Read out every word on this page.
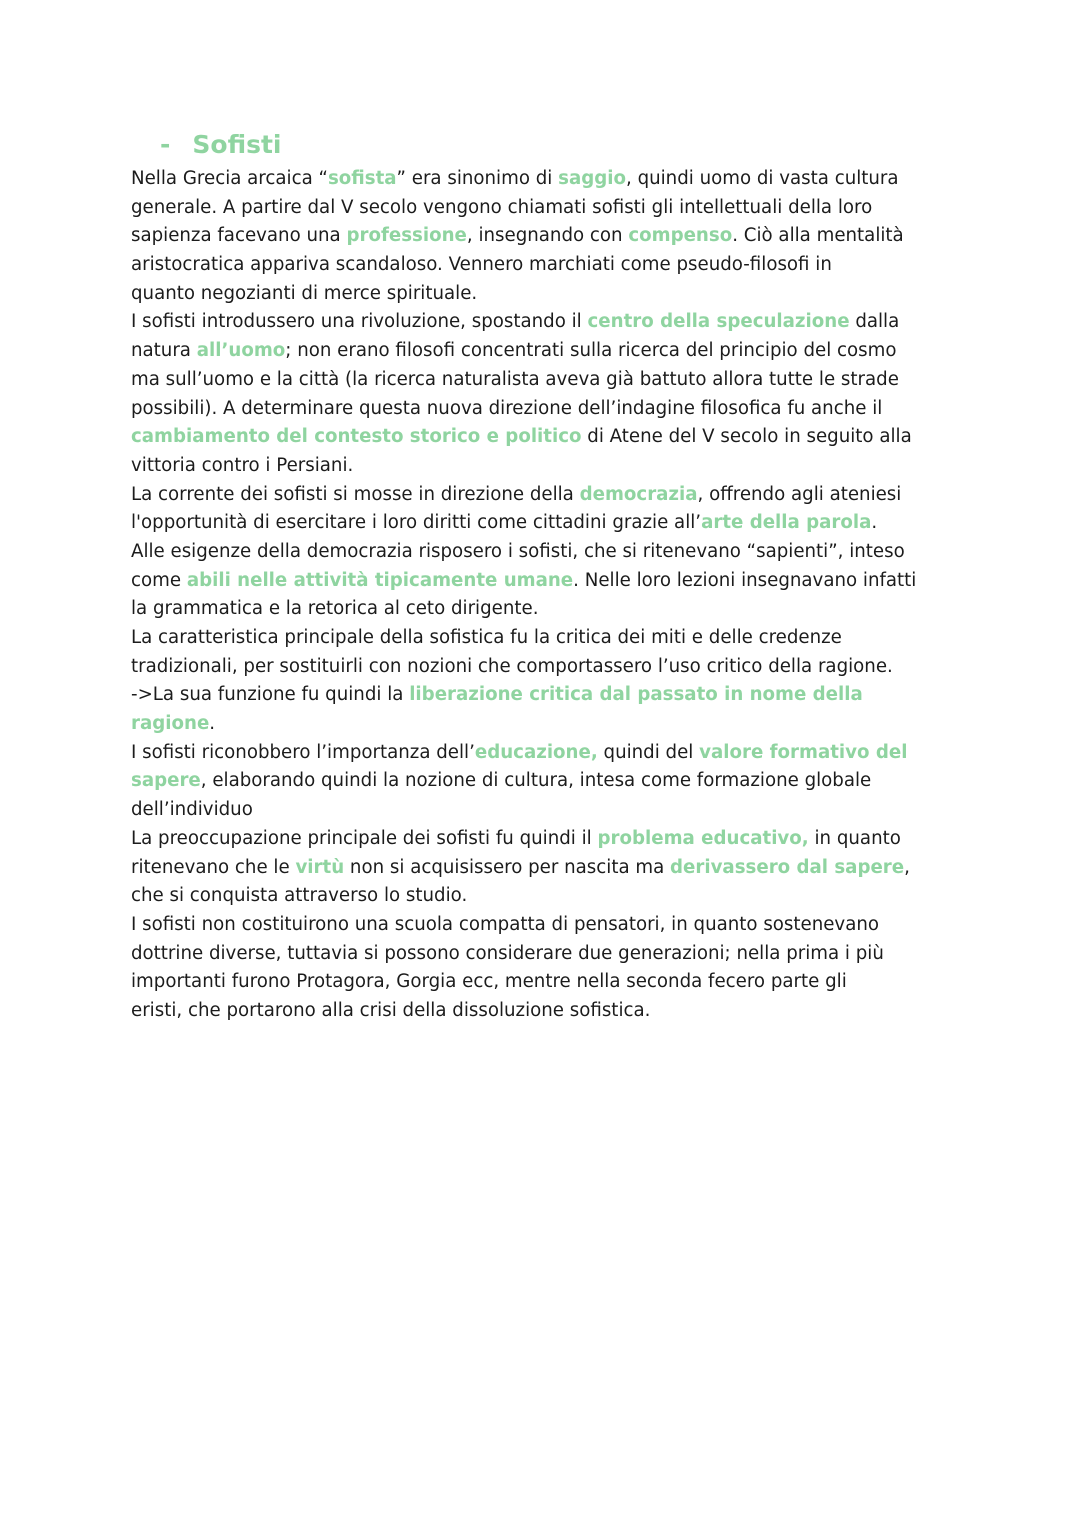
- Sofisti
Nella Grecia arcaica “sofista” era sinonimo di saggio, quindi uomo di vasta cultura
generale. A partire dal V secolo vengono chiamati sofisti gli intellettuali della loro
sapienza facevano una professione, insegnando con compenso. Ciò alla mentalità
aristocratica appariva scandaloso. Vennero marchiati come pseudo-filosofi in
quanto negozianti di merce spirituale.
I sofisti introdussero una rivoluzione, spostando il centro della speculazione dalla
natura all’uomo; non erano filosofi concentrati sulla ricerca del principio del cosmo
ma sull’uomo e la città (la ricerca naturalista aveva già battuto allora tutte le strade
possibili). A determinare questa nuova direzione dell’indagine filosofica fu anche il
cambiamento del contesto storico e politico di Atene del V secolo in seguito alla
vittoria contro i Persiani.
La corrente dei sofisti si mosse in direzione della democrazia, offrendo agli ateniesi
l'opportunità di esercitare i loro diritti come cittadini grazie all’arte della parola.
Alle esigenze della democrazia risposero i sofisti, che si ritenevano “sapienti”, inteso
come abili nelle attività tipicamente umane. Nelle loro lezioni insegnavano infatti
la grammatica e la retorica al ceto dirigente.
La caratteristica principale della sofistica fu la critica dei miti e delle credenze
tradizionali, per sostituirli con nozioni che comportassero l’uso critico della ragione.
->La sua funzione fu quindi la liberazione critica dal passato in nome della
ragione.
I sofisti riconobbero l’importanza dell’educazione, quindi del valore formativo del
sapere, elaborando quindi la nozione di cultura, intesa come formazione globale
dell’individuo
La preoccupazione principale dei sofisti fu quindi il problema educativo, in quanto
ritenevano che le virtù non si acquisissero per nascita ma derivassero dal sapere,
che si conquista attraverso lo studio.
I sofisti non costituirono una scuola compatta di pensatori, in quanto sostenevano
dottrine diverse, tuttavia si possono considerare due generazioni; nella prima i più
importanti furono Protagora, Gorgia ecc, mentre nella seconda fecero parte gli
eristi, che portarono alla crisi della dissoluzione sofistica.
